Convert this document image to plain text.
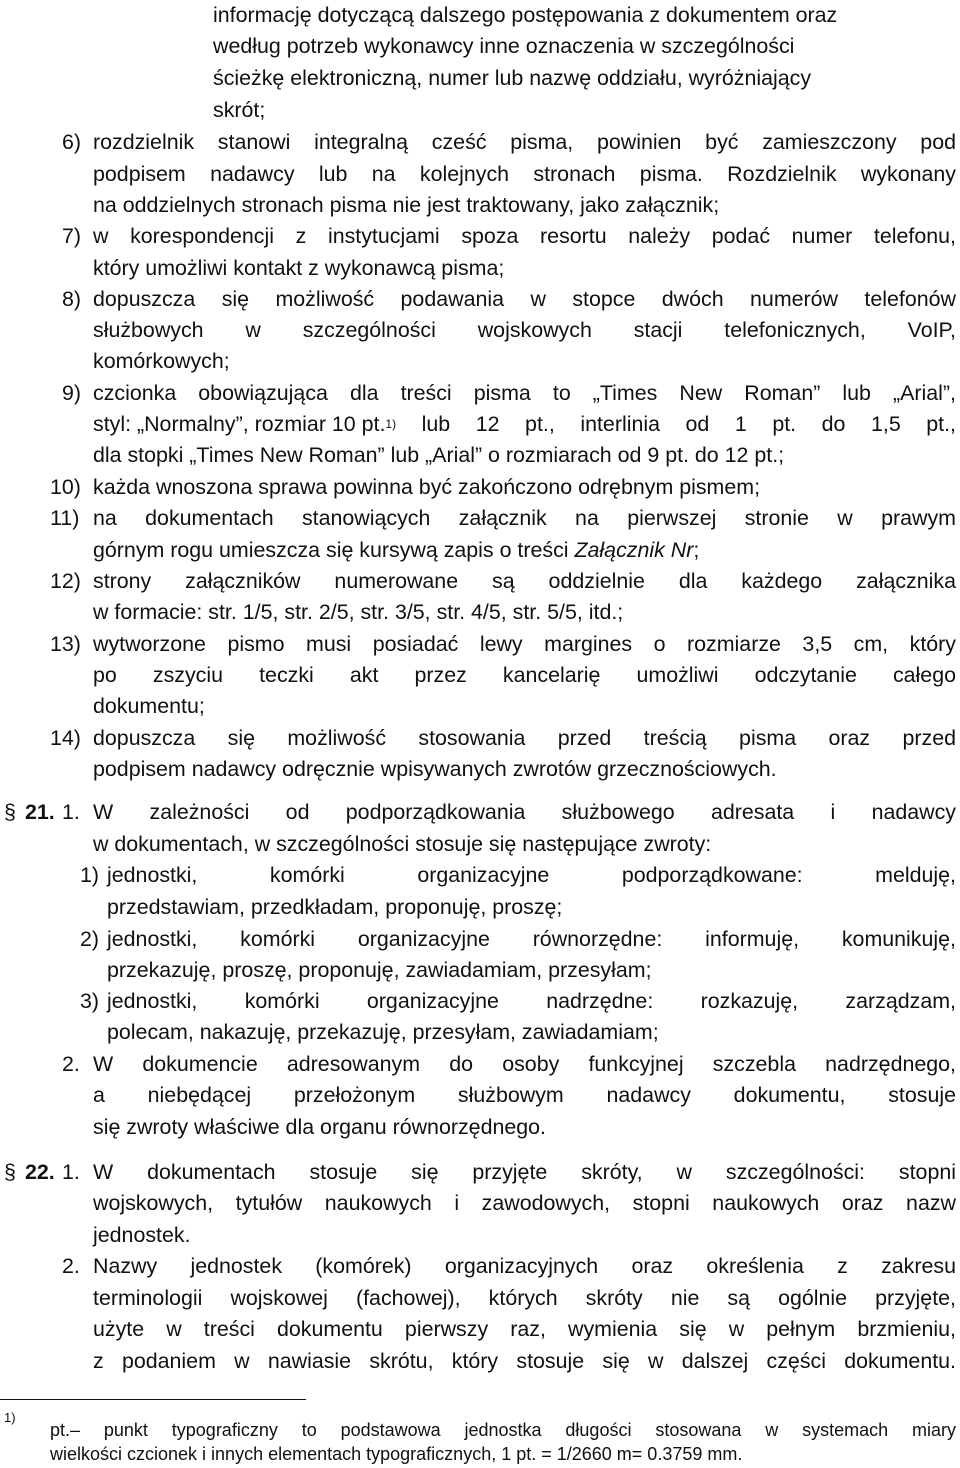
informację dotyczącą dalszego postępowania z dokumentem oraz
według potrzeb wykonawcy inne oznaczenia w szczególności
ścieżkę elektroniczną, numer lub nazwę oddziału, wyróżniający
skrót;
6) rozdzielnik stanowi integralną cześć pisma, powinien być zamieszczony pod
podpisem nadawcy lub na kolejnych stronach pisma. Rozdzielnik wykonany
na oddzielnych stronach pisma nie jest traktowany, jako załącznik;
7) w korespondencji z instytucjami spoza resortu należy podać numer telefonu,
który umożliwi kontakt z wykonawcą pisma;
8) dopuszcza się możliwość podawania w stopce dwóch numerów telefonów
służbowych w szczególności wojskowych stacji telefonicznych, VoIP,
komórkowych;
9) czcionka obowiązująca dla treści pisma to „Times New Roman” lub „Arial”,
styl: „Normalny”, rozmiar 10 pt. 1) lub 12 pt., interlinia od 1 pt. do 1,5 pt.,
dla stopki „Times New Roman” lub „Arial” o rozmiarach od 9 pt. do 12 pt.;
10) każda wnoszona sprawa powinna być zakończono odrębnym pismem;
11) na dokumentach stanowiących załącznik na pierwszej stronie w prawym
górnym rogu umieszcza się kursywą zapis o treści Załącznik Nr;
12) strony załączników numerowane są oddzielnie dla każdego załącznika
w formacie: str. 1/5, str. 2/5, str. 3/5, str. 4/5, str. 5/5, itd.;
13) wytworzone pismo musi posiadać lewy margines o rozmiarze 3,5 cm, który
po zszyciu teczki akt przez kancelarię umożliwi odczytanie całego
dokumentu;
14) dopuszcza się możliwość stosowania przed treścią pisma oraz przed
podpisem nadawcy odręcznie wpisywanych zwrotów grzecznościowych.
§ 21. 1. W zależności od podporządkowania służbowego adresata i nadawcy
w dokumentach, w szczególności stosuje się następujące zwroty:
1) jednostki, komórki organizacyjne podporządkowane: melduję,
przedstawiam, przedkładam, proponuję, proszę;
2) jednostki, komórki organizacyjne równorzędne: informuję, komunikuję,
przekazuję, proszę, proponuję, zawiadamiam, przesyłam;
3) jednostki, komórki organizacyjne nadrzędne: rozkazuję, zarządzam,
polecam, nakazuję, przekazuję, przesyłam, zawiadamiam;
2. W dokumencie adresowanym do osoby funkcyjnej szczebla nadrzędnego,
a niebędącej przełożonym służbowym nadawcy dokumentu, stosuje
się zwroty właściwe dla organu równorzędnego.
§ 22. 1. W dokumentach stosuje się przyjęte skróty, w szczególności: stopni
wojskowych, tytułów naukowych i zawodowych, stopni naukowych oraz nazw
jednostek.
2. Nazwy jednostek (komórek) organizacyjnych oraz określenia z zakresu
terminologii wojskowej (fachowej), których skróty nie są ogólnie przyjęte,
użyte w treści dokumentu pierwszy raz, wymienia się w pełnym brzmieniu,
z podaniem w nawiasie skrótu, który stosuje się w dalszej części dokumentu.
1)
pt.– punkt typograficzny to podstawowa jednostka długości stosowana w systemach miary
wielkości czcionek i innych elementach typograficznych, 1 pt. = 1/2660 m= 0.3759 mm.
